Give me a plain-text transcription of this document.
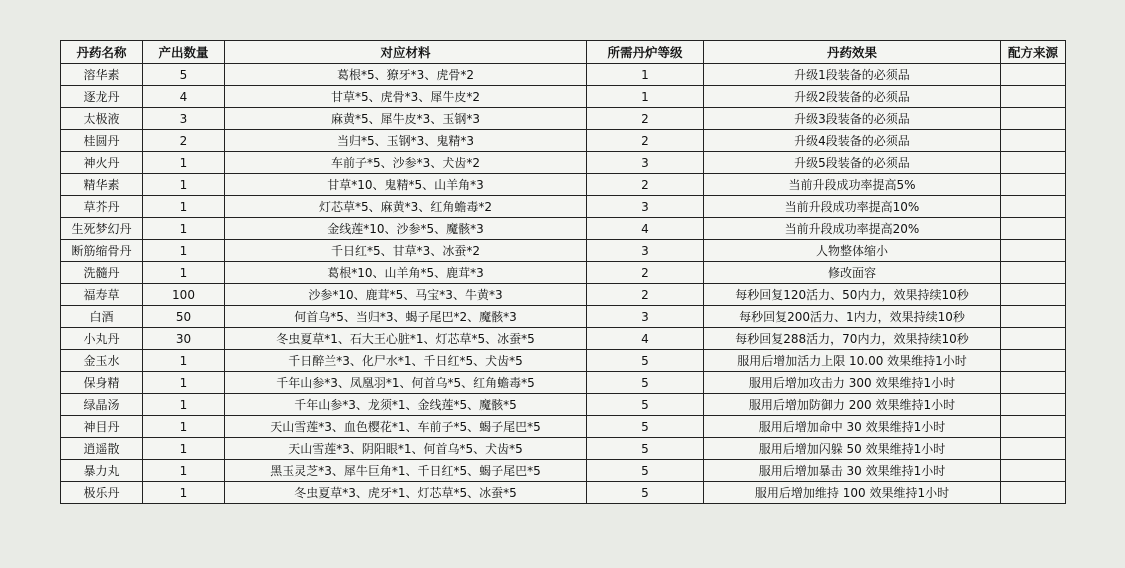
丹药名称	产出数量	对应材料	所需丹炉等级	丹药效果	配方来源
溶华素	5	葛根*5、獠牙*3、虎骨*2	1	升级1段装备的必须品	
逐龙丹	4	甘草*5、虎骨*3、犀牛皮*2	1	升级2段装备的必须品	
太极液	3	麻黄*5、犀牛皮*3、玉钢*3	2	升级3段装备的必须品	
桂圆丹	2	当归*5、玉钢*3、鬼精*3	2	升级4段装备的必须品	
神火丹	1	车前子*5、沙参*3、犬齿*2	3	升级5段装备的必须品	
精华素	1	甘草*10、鬼精*5、山羊角*3	2	当前升段成功率提高5%	
草芥丹	1	灯芯草*5、麻黄*3、红角蟾毒*2	3	当前升段成功率提高10%	
生死梦幻丹	1	金线莲*10、沙参*5、魔骸*3	4	当前升段成功率提高20%	
断筋缩骨丹	1	千日红*5、甘草*3、冰蚕*2	3	人物整体缩小	
洗髓丹	1	葛根*10、山羊角*5、鹿茸*3	2	修改面容	
福寿草	100	沙参*10、鹿茸*5、马宝*3、牛黄*3	2	每秒回复120活力、50内力，效果持续10秒	
白酒	50	何首乌*5、当归*3、蝎子尾巴*2、魔骸*3	3	每秒回复200活力、1内力，效果持续10秒	
小丸丹	30	冬虫夏草*1、石大王心脏*1、灯芯草*5、冰蚕*5	4	每秒回复288活力，70内力，效果持续10秒	
金玉水	1	千日醉兰*3、化尸水*1、千日红*5、犬齿*5	5	服用后增加活力上限 10.00 效果维持1小时	
保身精	1	千年山参*3、凤凰羽*1、何首乌*5、红角蟾毒*5	5	服用后增加攻击力 300 效果维持1小时	
绿晶汤	1	千年山参*3、龙须*1、金线莲*5、魔骸*5	5	服用后增加防御力 200 效果维持1小时	
神目丹	1	天山雪莲*3、血色樱花*1、车前子*5、蝎子尾巴*5	5	服用后增加命中 30 效果维持1小时	
逍遥散	1	天山雪莲*3、阴阳眼*1、何首乌*5、犬齿*5	5	服用后增加闪躲 50 效果维持1小时	
暴力丸	1	黑玉灵芝*3、犀牛巨角*1、千日红*5、蝎子尾巴*5	5	服用后增加暴击 30 效果维持1小时	
极乐丹	1	冬虫夏草*3、虎牙*1、灯芯草*5、冰蚕*5	5	服用后增加维持 100 效果维持1小时	
